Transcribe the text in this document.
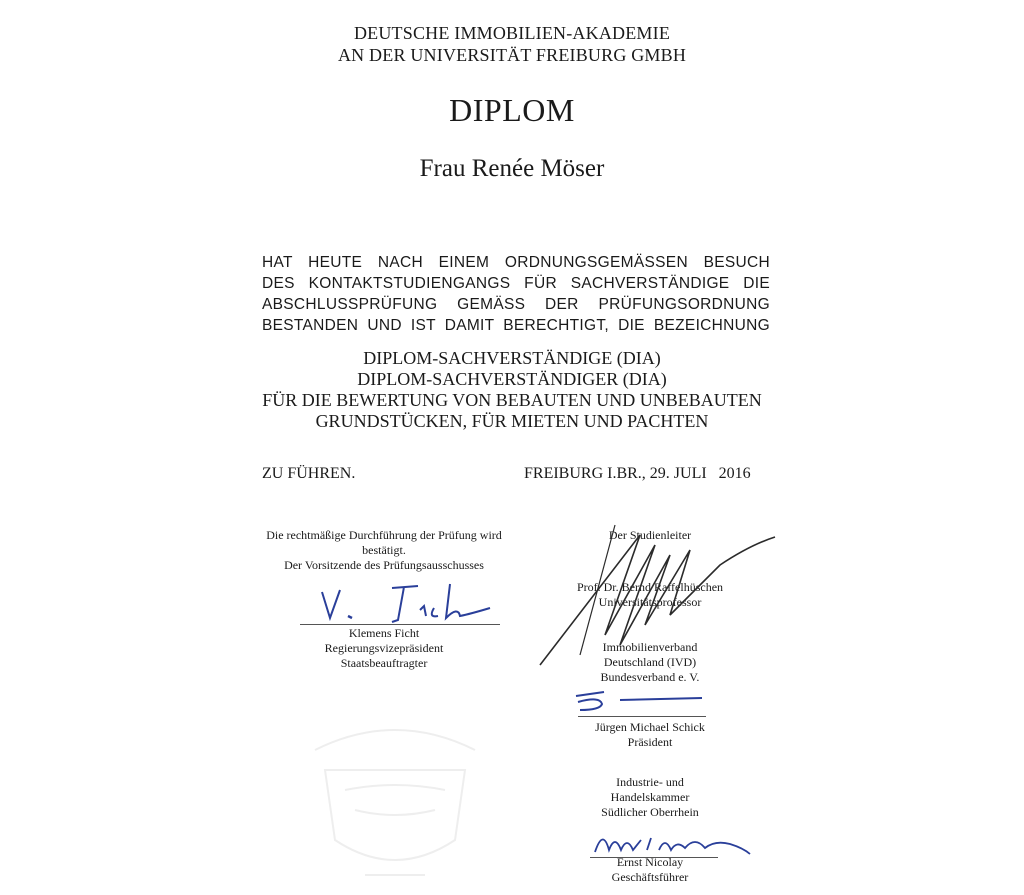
DEUTSCHE IMMOBILIEN-AKADEMIE
AN DER UNIVERSITÄT FREIBURG GMBH
DIPLOM
Frau Renée Möser
HAT HEUTE NACH EINEM ORDNUNGSGEMÄSSEN BESUCH
DES KONTAKTSTUDIENGANGS FÜR SACHVERSTÄNDIGE DIE
ABSCHLUSSPRÜFUNG GEMÄSS DER PRÜFUNGSORDNUNG
BESTANDEN UND IST DAMIT BERECHTIGT, DIE BEZEICHNUNG
DIPLOM-SACHVERSTÄNDIGE (DIA)
DIPLOM-SACHVERSTÄNDIGER (DIA)
FÜR DIE BEWERTUNG VON BEBAUTEN UND UNBEBAUTEN
GRUNDSTÜCKEN, FÜR MIETEN UND PACHTEN
ZU FÜHREN.	FREIBURG I.BR., 29. JULI   2016
Die rechtmäßige Durchführung der Prüfung wird
bestätigt.
Der Vorsitzende des Prüfungsausschusses
Klemens Ficht
Regierungsvizepräsident
Staatsbeauftragter
Der Studienleiter
Prof. Dr. Bernd Raffelhüschen
Universitätsprofessor
Immobilienverband
Deutschland (IVD)
Bundesverband e. V.
Jürgen Michael Schick
Präsident
Industrie- und
Handelskammer
Südlicher Oberrhein
Ernst Nicolay
Geschäftsführer
